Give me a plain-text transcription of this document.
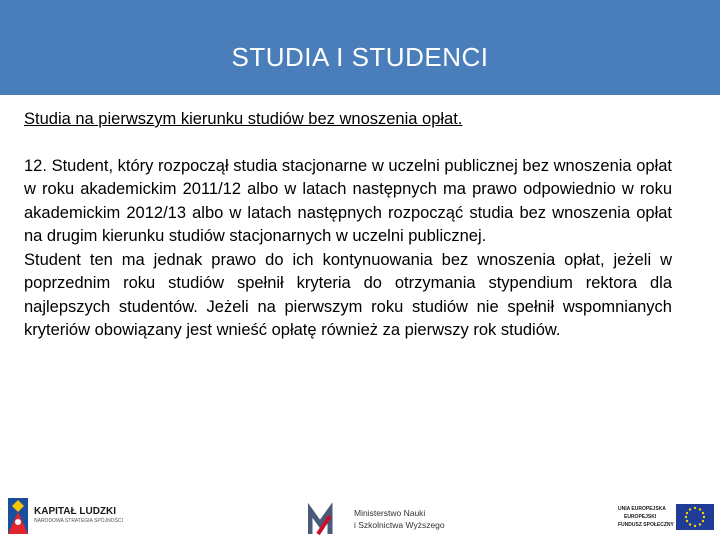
STUDIA I STUDENCI

Studia na pierwszym kierunku studiów bez wnoszenia opłat.

12. Student, który rozpoczął studia stacjonarne w uczelni publicznej bez wnoszenia opłat w roku akademickim 2011/12 albo w latach następnych ma prawo odpowiednio w roku akademickim 2012/13 albo w latach następnych rozpocząć studia bez wnoszenia opłat na drugim kierunku studiów stacjonarnych w uczelni publicznej.

Student ten ma jednak prawo do ich kontynuowania bez wnoszenia opłat, jeżeli w poprzednim roku studiów spełnił kryteria do otrzymania stypendium rektora dla najlepszych studentów. Jeżeli na pierwszym roku studiów nie spełnił wspomnianych kryteriów obowiązany jest wnieść opłatę również za pierwszy rok studiów.

KAPITAŁ LUDZKI
NARODOWA STRATEGIA SPÓJNOŚCI
Ministerstwo Nauki
i Szkolnictwa Wyższego
UNIA EUROPEJSKA
EUROPEJSKI
FUNDUSZ SPOŁECZNY
